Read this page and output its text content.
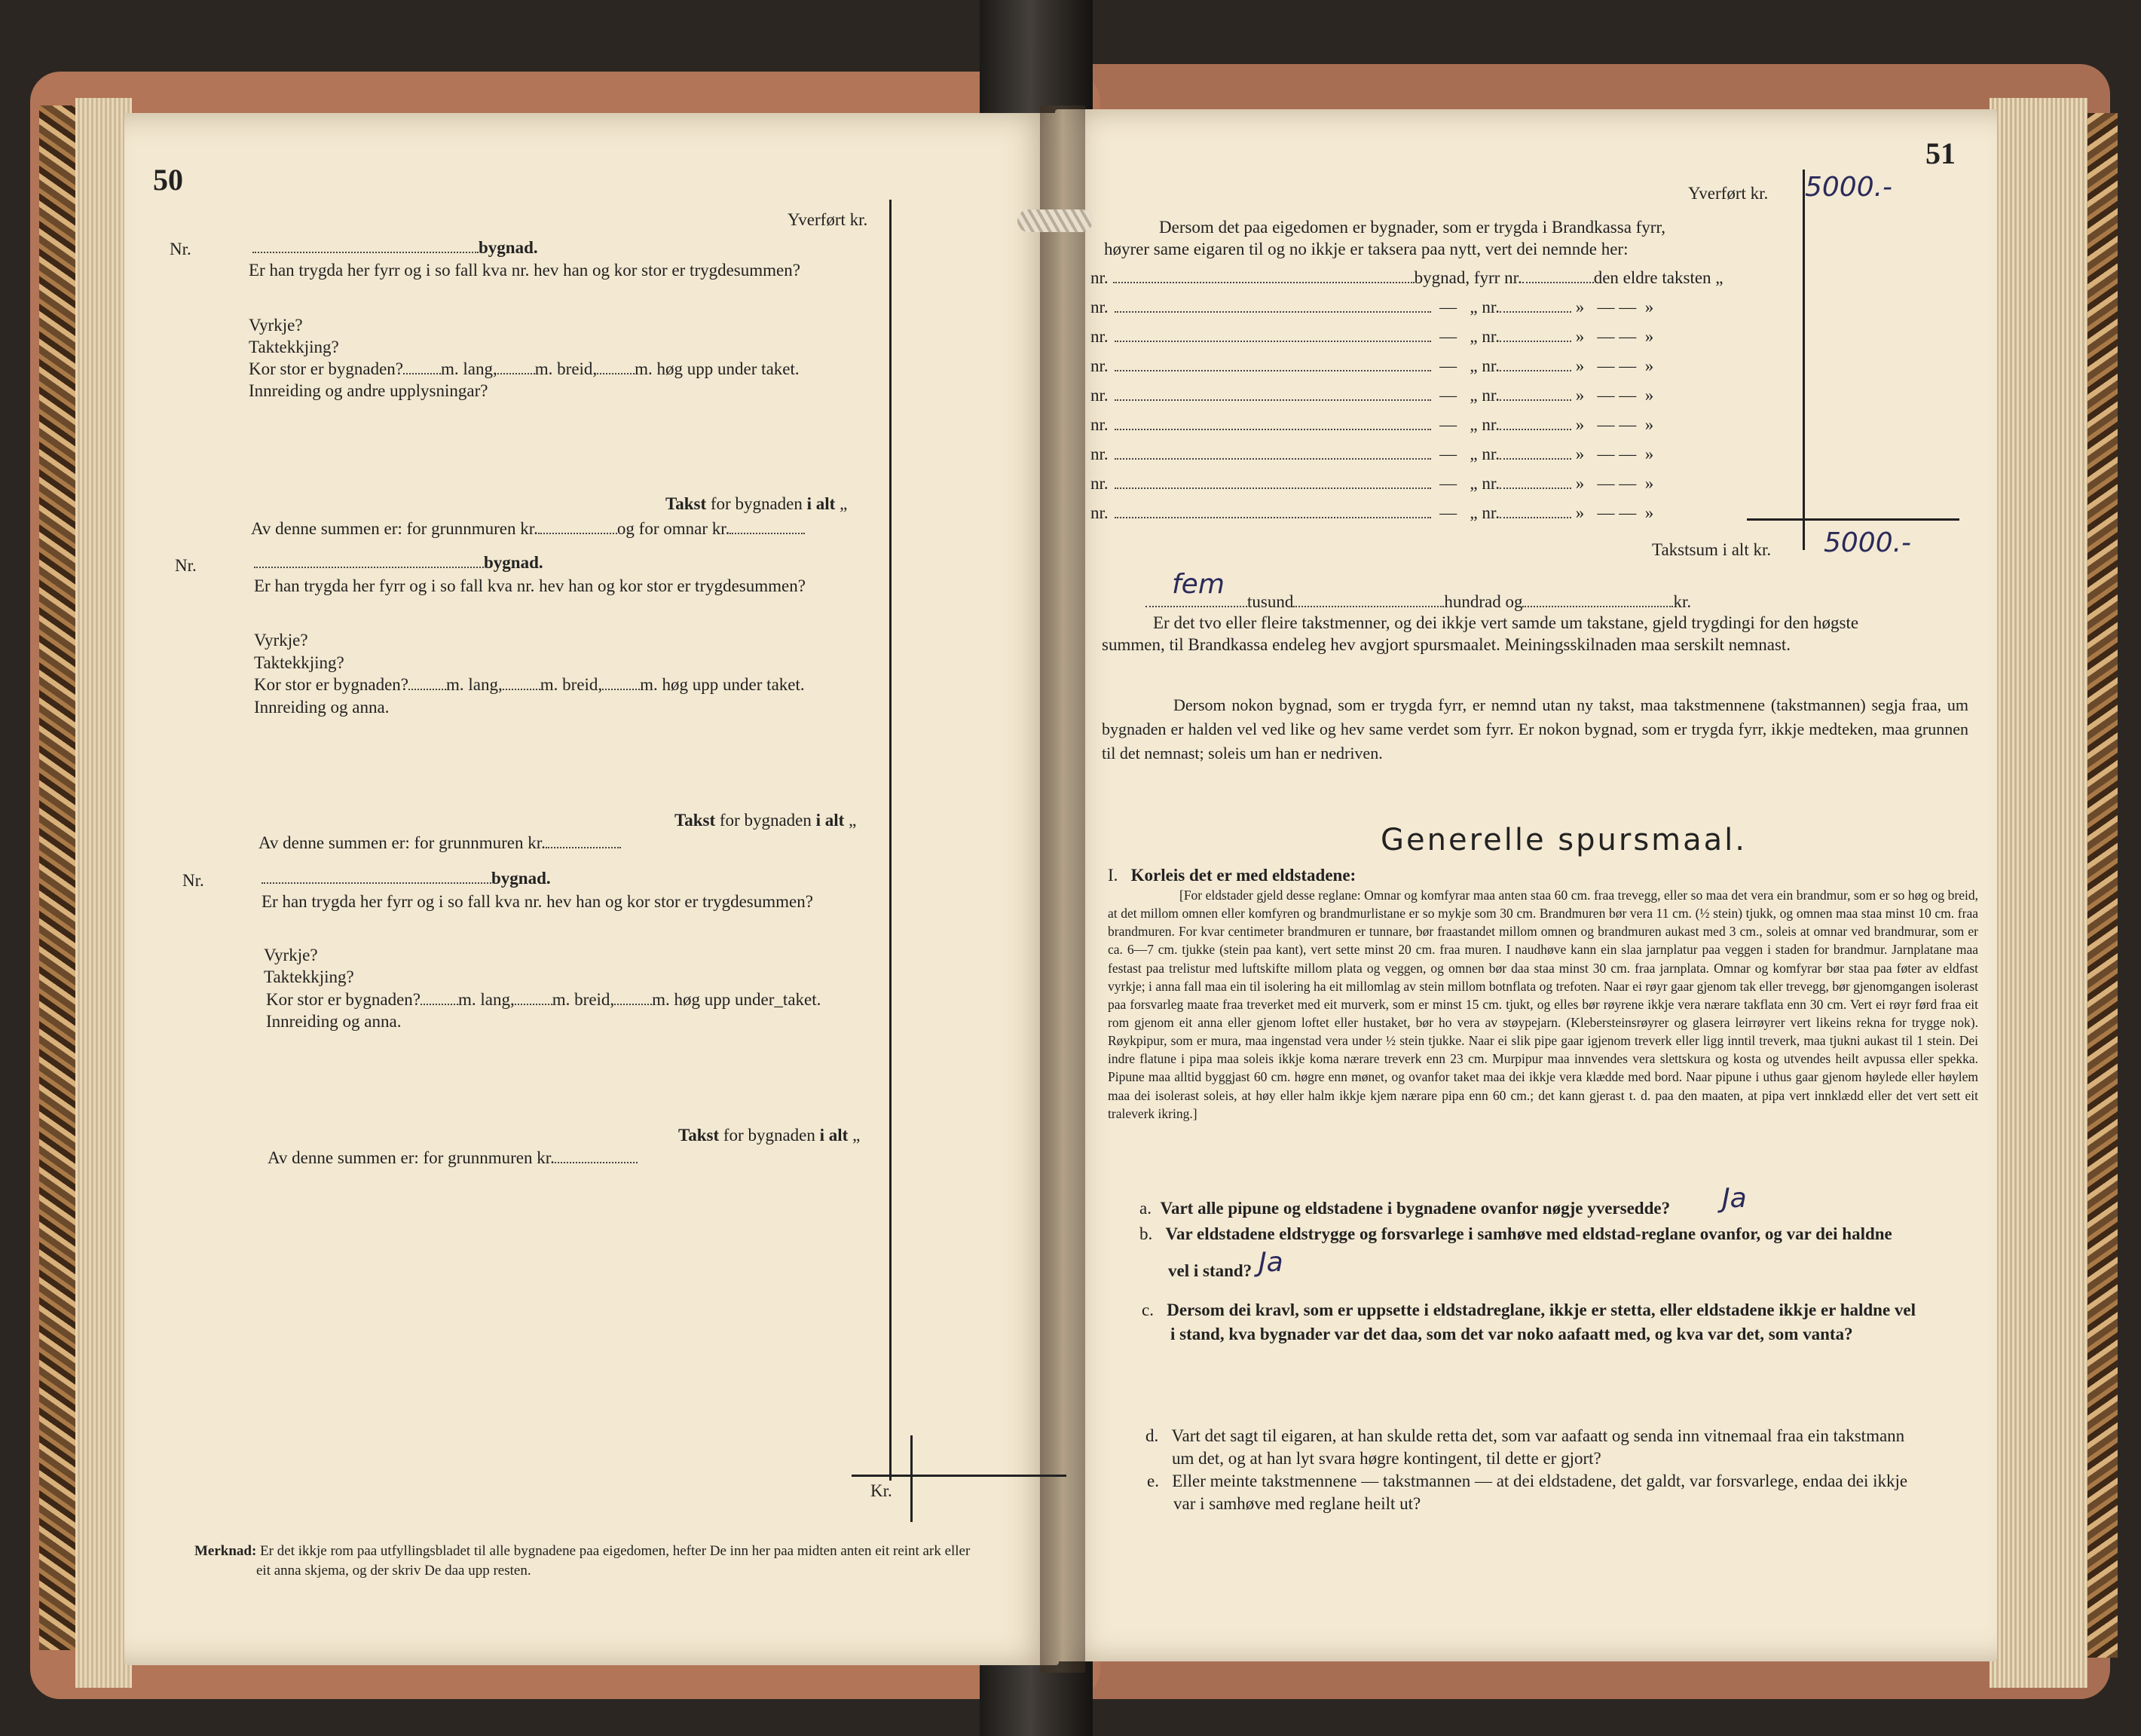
50
Yverført kr.
Kr.
Nr.	bygnad.
Er han trygda her fyrr og i so fall kva nr. hev han og kor stor er trygdesummen?
Vyrkje?
Taktekkjing?
Kor stor er bygnaden? m. lang, m. breid, m. høg upp under taket.
Innreiding og andre upplysningar?
Takst for bygnaden i alt „
Av denne summen er: for grunnmuren kr.	og for omnar kr.
Nr.	bygnad.
Er han trygda her fyrr og i so fall kva nr. hev han og kor stor er trygdesummen?
Vyrkje?
Taktekkjing?
Kor stor er bygnaden? m. lang, m. breid, m. høg upp under taket.
Innreiding og anna.
Takst for bygnaden i alt „
Av denne summen er: for grunnmuren kr.
Nr.	bygnad.
Er han trygda her fyrr og i so fall kva nr. hev han og kor stor er trygdesummen?
Vyrkje?
Taktekkjing?
Kor stor er bygnaden? m. lang, m. breid, m. høg upp under_taket.
Innreiding og anna.
Takst for bygnaden i alt „
Av denne summen er: for grunnmuren kr.
Merknad: Er det ikkje rom paa utfyllingsbladet til alle bygnadene paa eigedomen, hefter De inn her paa midten anten eit reint ark eller
eit anna skjema, og der skriv De daa upp resten.
51
Yverført kr. 5000.-
Dersom det paa eigedomen er bygnader, som er trygda i Brandkassa fyrr,
høyrer same eigaren til og no ikkje er taksera paa nytt, vert dei nemnde her:
nr.	bygnad, fyrr nr.	den eldre taksten „
nr.	— „ nr.	» — — »
nr.	— „ nr.	» — — »
nr.	— „ nr.	» — — »
nr.	— „ nr.	» — — »
nr.	— „ nr.	» — — »
nr.	— „ nr.	» — — »
nr.	— „ nr.	» — — »
nr.	— „ nr.	» — — »
Takstsum i alt kr. 5000.-
fem
tusund	hundrad og	kr.
Er det tvo eller fleire takstmenner, og dei ikkje vert samde um takstane, gjeld trygdingi for den høgste
summen, til Brandkassa endeleg hev avgjort spursmaalet. Meiningsskilnaden maa serskilt nemnast.
Dersom nokon bygnad, som er trygda fyrr, er nemnd utan ny takst, maa takstmennene (takstmannen) segja fraa, um bygnaden er halden vel ved like og hev same verdet som fyrr. Er nokon bygnad, som er trygda fyrr, ikkje medteken, maa grunnen til det nemnast; soleis um han er nedriven.
Generelle spursmaal.
I. Korleis det er med eldstadene:
[For eldstader gjeld desse reglane: Omnar og komfyrar maa anten staa 60 cm. fraa trevegg, eller so maa det vera ein brandmur, som er so høg og breid, at det millom omnen eller komfyren og brandmurlistane er so mykje som 30 cm. Brandmuren bør vera 11 cm. (½ stein) tjukk, og omnen maa staa minst 10 cm. fraa brandmuren. For kvar centimeter brandmuren er tunnare, bør fraastandet millom omnen og brandmuren aukast med 3 cm., soleis at omnar ved brandmurar, som er ca. 6—7 cm. tjukke (stein paa kant), vert sette minst 20 cm. fraa muren. I naudhøve kann ein slaa jarnplatur paa veggen i staden for brandmur. Jarnplatane maa festast paa trelistur med luftskifte millom plata og veggen, og omnen bør daa staa minst 30 cm. fraa jarnplata. Omnar og komfyrar bør staa paa føter av eldfast vyrkje; i anna fall maa ein til isolering ha eit millomlag av stein millom botnflata og trefoten. Naar ei røyr gaar gjenom tak eller trevegg, bør gjenomgangen isolerast paa forsvarleg maate fraa treverket med eit murverk, som er minst 15 cm. tjukt, og elles bør røyrene ikkje vera nærare takflata enn 30 cm. Vert ei røyr førd fraa eit rom gjenom eit anna eller gjenom loftet eller hustaket, bør ho vera av støypejarn. (Klebersteinsrøyrer og glasera leirrøyrer vert likeins rekna for trygge nok). Røykpipur, som er mura, maa ingenstad vera under ½ stein tjukke. Naar ei slik pipe gaar igjenom treverk eller ligg inntil treverk, maa tjukni aukast til 1 stein. Dei indre flatune i pipa maa soleis ikkje koma nærare treverk enn 23 cm. Murpipur maa innvendes vera slettskura og kosta og utvendes heilt avpussa eller spekka. Pipune maa alltid byggjast 60 cm. høgre enn mønet, og ovanfor taket maa dei ikkje vera klædde med bord. Naar pipune i uthus gaar gjenom høylede eller høylem maa dei isolerast soleis, at høy eller halm ikkje kjem nærare pipa enn 60 cm.; det kann gjerast t. d. paa den maaten, at pipa vert innklædd eller det vert sett eit traleverk ikring.]
a. Vart alle pipune og eldstadene i bygnadene ovanfor nøgje yversedde? Ja
b. Var eldstadene eldstrygge og forsvarlege i samhøve med eldstad-reglane ovanfor, og var dei haldne
vel i stand? Ja
c. Dersom dei kravl, som er uppsette i eldstadreglane, ikkje er stetta, eller eldstadene ikkje er haldne vel
i stand, kva bygnader var det daa, som det var noko aafaatt med, og kva var det, som vanta?
d. Vart det sagt til eigaren, at han skulde retta det, som var aafaatt og senda inn vitnemaal fraa ein takstmann
um det, og at han lyt svara høgre kontingent, til dette er gjort?
e. Eller meinte takstmennene — takstmannen — at dei eldstadene, det galdt, var forsvarlege, endaa dei ikkje
var i samhøve med reglane heilt ut?
